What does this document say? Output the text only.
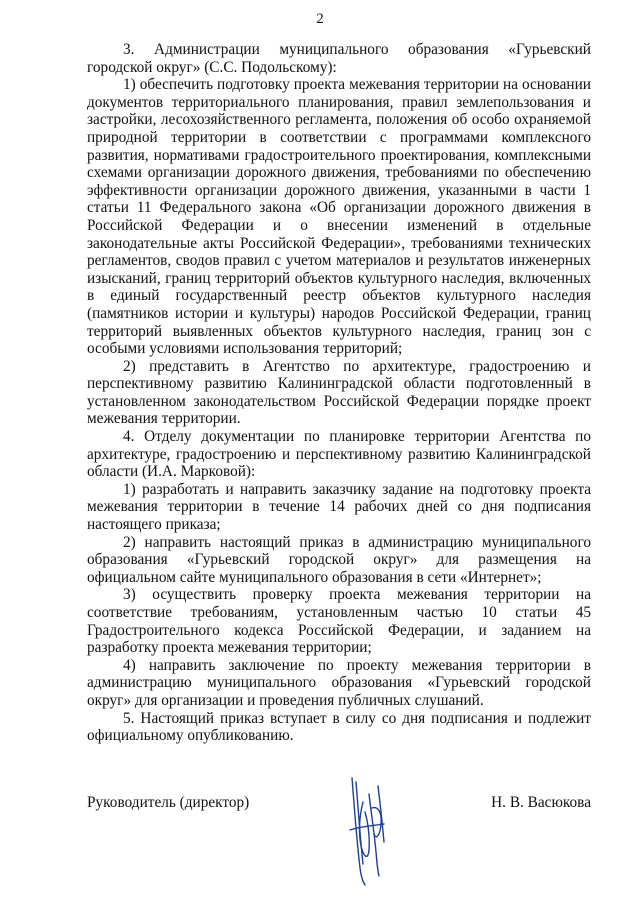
2

3. Администрации муниципального образования «Гурьевский городской округ» (С.С. Подольскому):

1) обеспечить подготовку проекта межевания территории на основании документов территориального планирования, правил землепользования и застройки, лесохозяйственного регламента, положения об особо охраняемой природной территории в соответствии с программами комплексного развития, нормативами градостроительного проектирования, комплексными схемами организации дорожного движения, требованиями по обеспечению эффективности организации дорожного движения, указанными в части 1 статьи 11 Федерального закона «Об организации дорожного движения в Российской Федерации и о внесении изменений в отдельные законодательные акты Российской Федерации», требованиями технических регламентов, сводов правил с учетом материалов и результатов инженерных изысканий, границ территорий объектов культурного наследия, включенных в единый государственный реестр объектов культурного наследия (памятников истории и культуры) народов Российской Федерации, границ территорий выявленных объектов культурного наследия, границ зон с особыми условиями использования территорий;

2) представить в Агентство по архитектуре, градостроению и перспективному развитию Калининградской области подготовленный в установленном законодательством Российской Федерации порядке проект межевания территории.

4. Отделу документации по планировке территории Агентства по архитектуре, градостроению и перспективному развитию Калининградской области (И.А. Марковой):

1) разработать и направить заказчику задание на подготовку проекта межевания территории в течение 14 рабочих дней со дня подписания настоящего приказа;

2) направить настоящий приказ в администрацию муниципального образования «Гурьевский городской округ» для размещения на официальном сайте муниципального образования в сети «Интернет»;

3) осуществить проверку проекта межевания территории на соответствие требованиям, установленным частью 10 статьи 45 Градостроительного кодекса Российской Федерации, и заданием на разработку проекта межевания территории;

4) направить заключение по проекту межевания территории в администрацию муниципального образования «Гурьевский городской округ» для организации и проведения публичных слушаний.

5. Настоящий приказ вступает в силу со дня подписания и подлежит официальному опубликованию.

Руководитель (директор)	Н. В. Васюкова
